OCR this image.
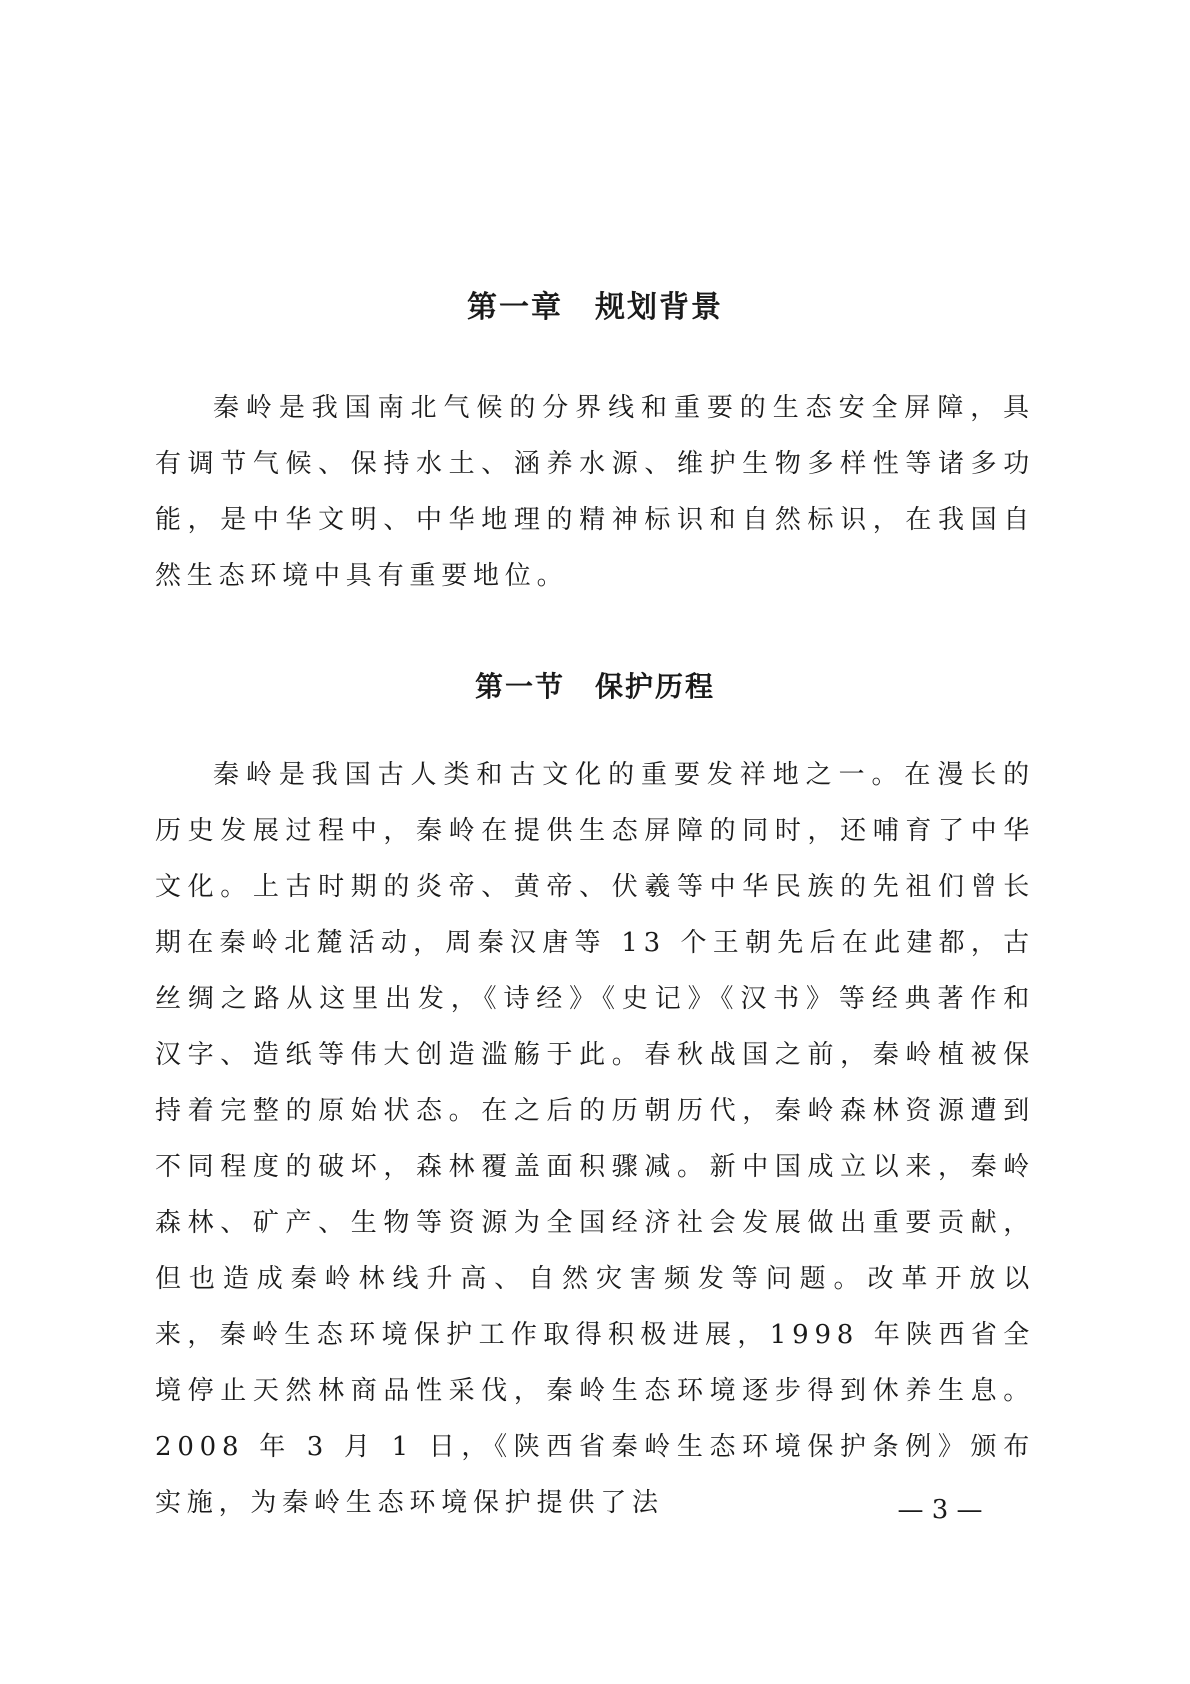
第一章　规划背景

秦岭是我国南北气候的分界线和重要的生态安全屏障，具有调节气候、保持水土、涵养水源、维护生物多样性等诸多功能，是中华文明、中华地理的精神标识和自然标识，在我国自然生态环境中具有重要地位。

第一节　保护历程

秦岭是我国古人类和古文化的重要发祥地之一。在漫长的历史发展过程中，秦岭在提供生态屏障的同时，还哺育了中华文化。上古时期的炎帝、黄帝、伏羲等中华民族的先祖们曾长期在秦岭北麓活动，周秦汉唐等 13 个王朝先后在此建都，古丝绸之路从这里出发，《诗经》《史记》《汉书》等经典著作和汉字、造纸等伟大创造滥觞于此。春秋战国之前，秦岭植被保持着完整的原始状态。在之后的历朝历代，秦岭森林资源遭到不同程度的破坏，森林覆盖面积骤减。新中国成立以来，秦岭森林、矿产、生物等资源为全国经济社会发展做出重要贡献，但也造成秦岭林线升高、自然灾害频发等问题。改革开放以来，秦岭生态环境保护工作取得积极进展，1998 年陕西省全境停止天然林商品性采伐，秦岭生态环境逐步得到休养生息。2008 年 3 月 1 日，《陕西省秦岭生态环境保护条例》颁布实施，为秦岭生态环境保护提供了法	— 3 —
